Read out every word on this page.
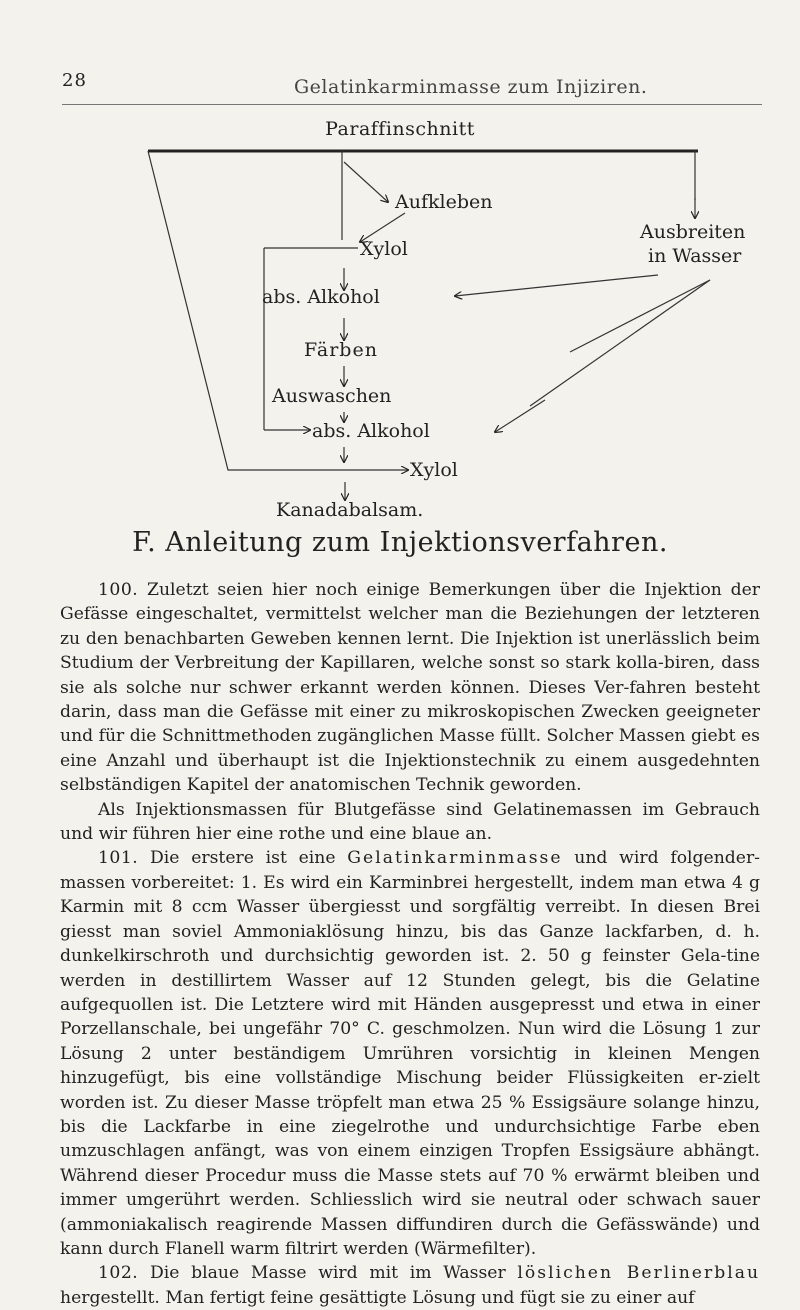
28	Gelatinkarminmasse zum Injiziren.
Paraffinschnitt
Aufkleben
Xylol
Ausbreiten
in Wasser
abs. Alkohol
Färben
Auswaschen
abs. Alkohol
Xylol
Kanadabalsam.
F. Anleitung zum Injektionsverfahren.

100. Zuletzt seien hier noch einige Bemerkungen über die Injektion der Gefässe eingeschaltet, vermittelst welcher man die Beziehungen der letzteren zu den benachbarten Geweben kennen lernt. Die Injektion ist unerlässlich beim Studium der Verbreitung der Kapillaren, welche sonst so stark kolla-biren, dass sie als solche nur schwer erkannt werden können. Dieses Ver-fahren besteht darin, dass man die Gefässe mit einer zu mikroskopischen Zwecken geeigneter und für die Schnittmethoden zugänglichen Masse füllt. Solcher Massen giebt es eine Anzahl und überhaupt ist die Injektionstechnik zu einem ausgedehnten selbständigen Kapitel der anatomischen Technik geworden.

Als Injektionsmassen für Blutgefässe sind Gelatinemassen im Gebrauch und wir führen hier eine rothe und eine blaue an.

101. Die erstere ist eine Gelatinkarminmasse und wird folgender-massen vorbereitet: 1. Es wird ein Karminbrei hergestellt, indem man etwa 4 g Karmin mit 8 ccm Wasser übergiesst und sorgfältig verreibt. In diesen Brei giesst man soviel Ammoniaklösung hinzu, bis das Ganze lackfarben, d. h. dunkelkirschroth und durchsichtig geworden ist. 2. 50 g feinster Gela-tine werden in destillirtem Wasser auf 12 Stunden gelegt, bis die Gelatine aufgequollen ist. Die Letztere wird mit Händen ausgepresst und etwa in einer Porzellanschale, bei ungefähr 70° C. geschmolzen. Nun wird die Lösung 1 zur Lösung 2 unter beständigem Umrühren vorsichtig in kleinen Mengen hinzugefügt, bis eine vollständige Mischung beider Flüssigkeiten er-zielt worden ist. Zu dieser Masse tröpfelt man etwa 25 % Essigsäure solange hinzu, bis die Lackfarbe in eine ziegelrothe und undurchsichtige Farbe eben umzuschlagen anfängt, was von einem einzigen Tropfen Essigsäure abhängt. Während dieser Procedur muss die Masse stets auf 70 % erwärmt bleiben und immer umgerührt werden. Schliesslich wird sie neutral oder schwach sauer (ammoniakalisch reagirende Massen diffundiren durch die Gefässwände) und kann durch Flanell warm filtrirt werden (Wärmefilter).

102. Die blaue Masse wird mit im Wasser löslichen Berlinerblau hergestellt. Man fertigt feine gesättigte Lösung und fügt sie zu einer auf
